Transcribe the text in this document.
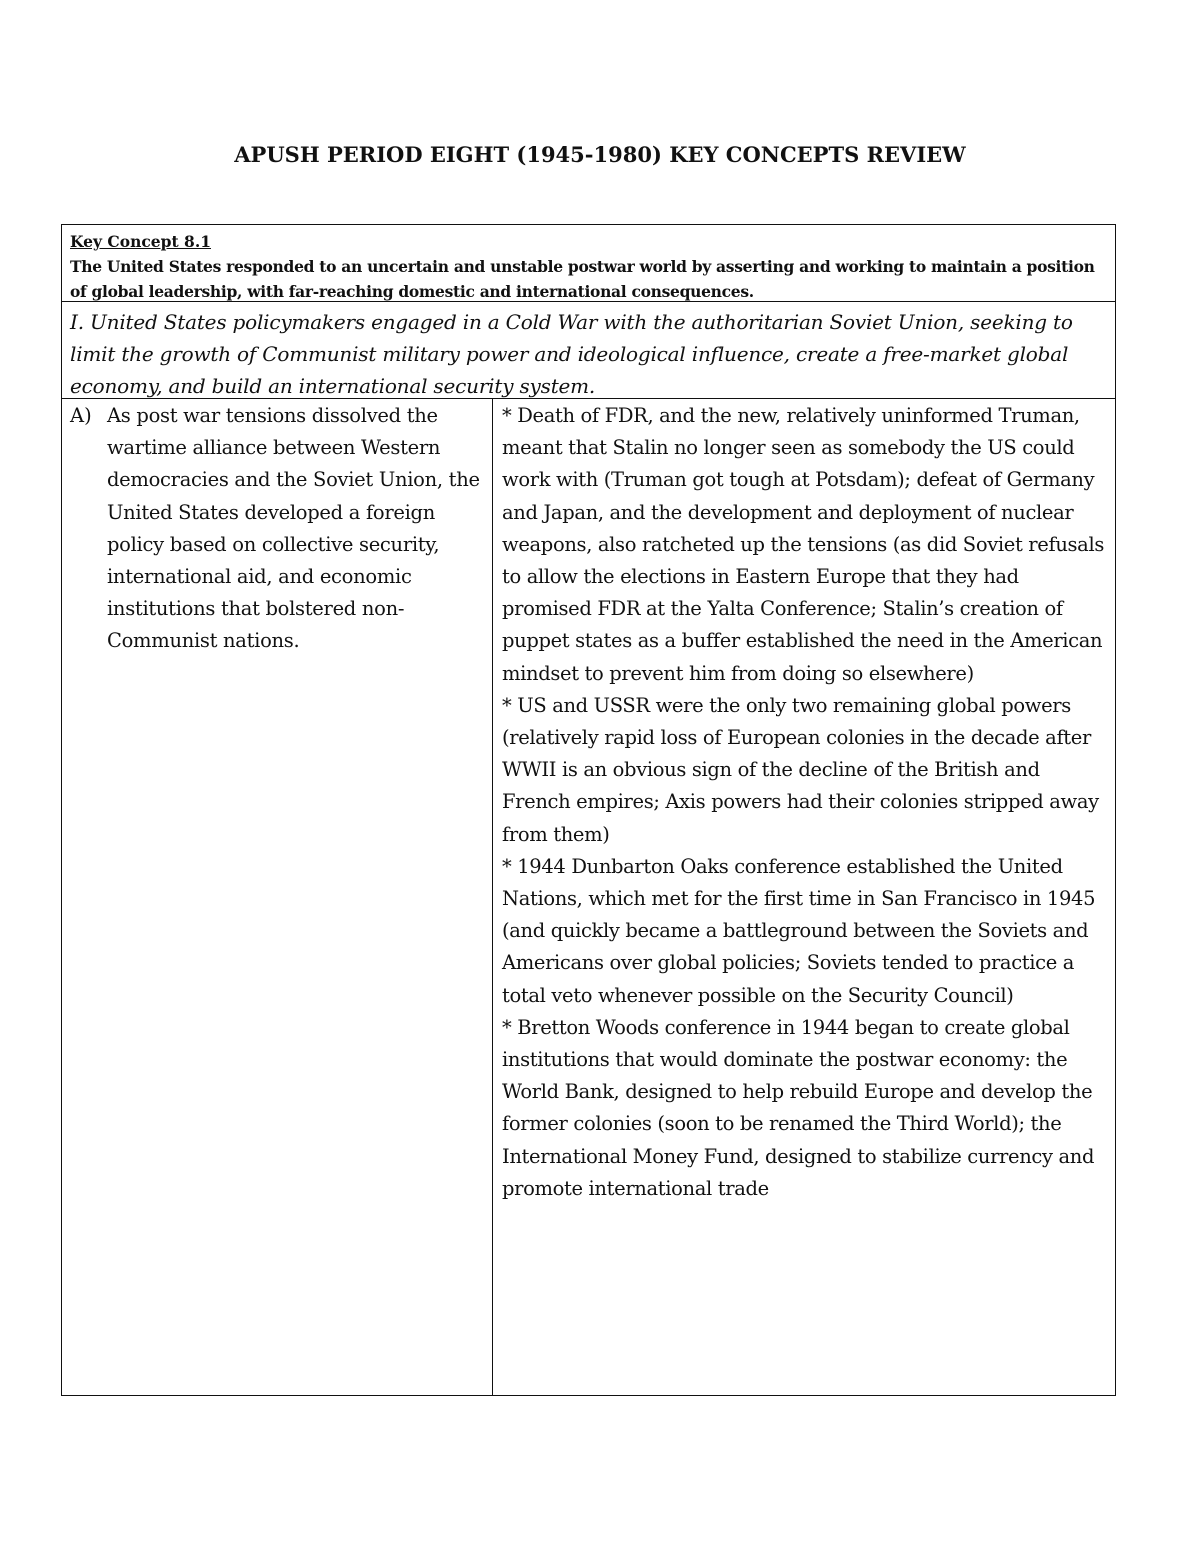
APUSH PERIOD EIGHT (1945-1980) KEY CONCEPTS REVIEW
Key Concept 8.1
The United States responded to an uncertain and unstable postwar world by asserting and working to maintain a position of global leadership, with far-reaching domestic and international consequences.
I. United States policymakers engaged in a Cold War with the authoritarian Soviet Union, seeking to limit the growth of Communist military power and ideological influence, create a free-market global economy, and build an international security system.
A) As post war tensions dissolved the wartime alliance between Western democracies and the Soviet Union, the United States developed a foreign policy based on collective security, international aid, and economic institutions that bolstered non-Communist nations.

* Death of FDR, and the new, relatively uninformed Truman, meant that Stalin no longer seen as somebody the US could work with (Truman got tough at Potsdam); defeat of Germany and Japan, and the development and deployment of nuclear weapons, also ratcheted up the tensions (as did Soviet refusals to allow the elections in Eastern Europe that they had promised FDR at the Yalta Conference; Stalin’s creation of puppet states as a buffer established the need in the American mindset to prevent him from doing so elsewhere)

* US and USSR were the only two remaining global powers (relatively rapid loss of European colonies in the decade after WWII is an obvious sign of the decline of the British and French empires; Axis powers had their colonies stripped away from them)

* 1944 Dunbarton Oaks conference established the United Nations, which met for the first time in San Francisco in 1945 (and quickly became a battleground between the Soviets and Americans over global policies; Soviets tended to practice a total veto whenever possible on the Security Council)

* Bretton Woods conference in 1944 began to create global institutions that would dominate the postwar economy: the World Bank, designed to help rebuild Europe and develop the former colonies (soon to be renamed the Third World); the International Money Fund, designed to stabilize currency and promote international trade
